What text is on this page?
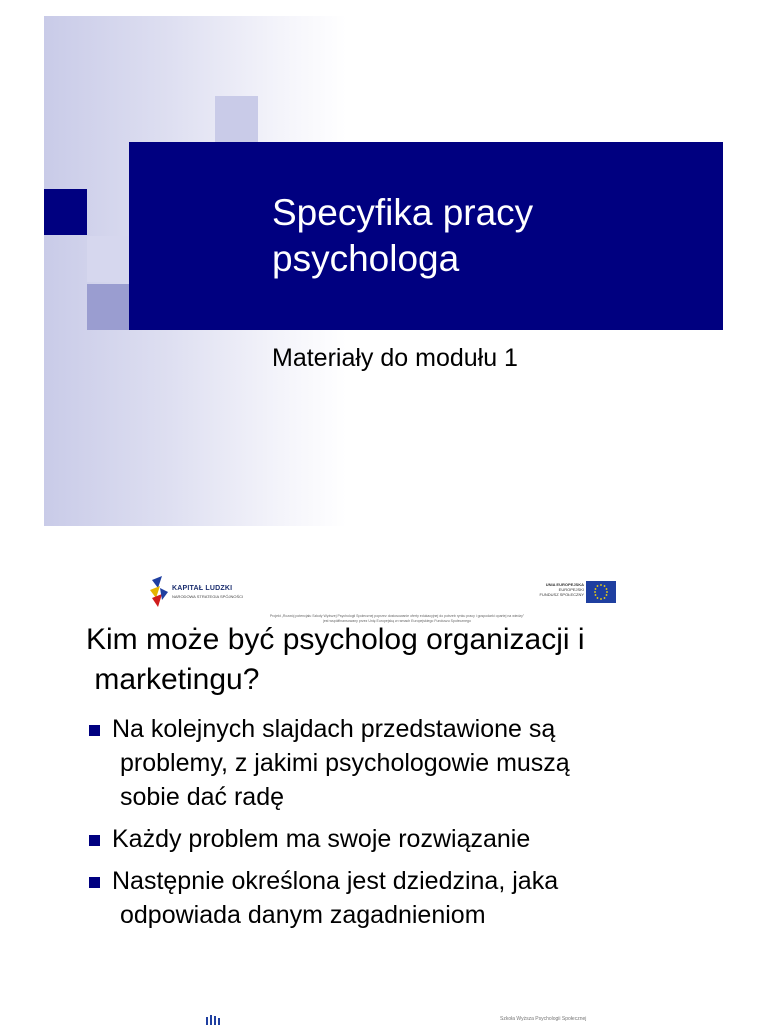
Specyfika pracy
psychologa
Materiały do modułu 1
KAPITAŁ LUDZKI
NARODOWA STRATEGIA SPÓJNOŚCI
UNIA EUROPEJSKA
EUROPEJSKI
FUNDUSZ SPOŁECZNY
Projekt „Rozwój potencjału Szkoły Wyższej Psychologii Społecznej poprzez dostosowanie oferty edukacyjnej do potrzeb rynku pracy i gospodarki opartej na wiedzy"
jest współfinansowany przez Unię Europejską w ramach Europejskiego Funduszu Społecznego
Kim może być psycholog organizacji i
marketingu?
Na kolejnych slajdach przedstawione są
problemy, z jakimi psychologowie muszą
sobie dać radę
Każdy problem ma swoje rozwiązanie
Następnie określona jest dziedzina, jaka
odpowiada danym zagadnieniom
Szkoła Wyższa Psychologii Społecznej
